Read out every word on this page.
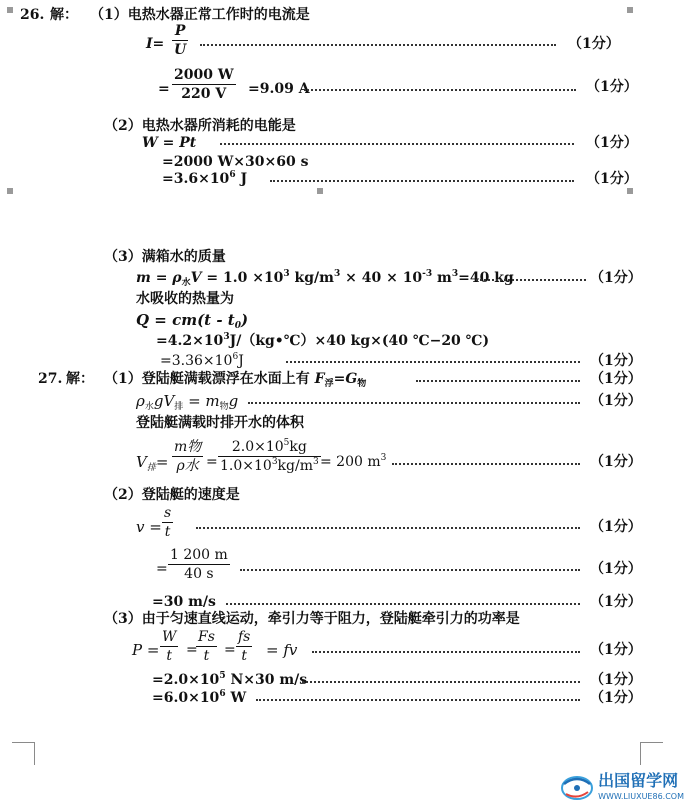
26. 解： （1）电热水器正常工作时的电流是
I=
P
U	（1分）
=
2000 W
220 V	=9.09 A	（1分）
（2）电热水器所消耗的电能是
W = Pt	（1分）
=2000 W×30×60 s
$=3.6\times 10^6$ J	（1分）
（3）满箱水的质量
$m = \rho_水V = 1.0 \times 10^3$ $kg/m^3 \times 40 \times 10^{-3}$ $m^3=40$ kg	（1分）
水吸收的热量为
$Q = cm(t - t_0)$
$=4.2\times 10^3J/(kg•℃)\times 40$ kg×(40 ℃−20 ℃)
$=3.36\times 10^6J$	（1分）
27. 解： （1）登陆艇满载漂浮在水面上有 $F_浮=G_物$	（1分）
$\rho_水gV_排 = m_物g$	（1分）
登陆艇满载时排开水的体积
$V_排=$
m物
ρ水 =
$2.0\times 10^5kg$
$1.0\times 10^3kg/m^3 = 200$ $m^3$	（1分）
（2）登陆艇的速度是
v =
s
t	（1分）
=
1 200 m
40 s	（1分）
=30 m/s	（1分）
（3）由于匀速直线运动，牵引力等于阻力，登陆艇牵引力的功率是
P =
W
t =
Fs
t	=
fs
t	= fv	（1分）
$=2.0\times 10^5$ N×30 m/s	（1分）
$=6.0\times 10^6$ W	（1分）
出国留学网
WWW.LIUXUE86.COM
